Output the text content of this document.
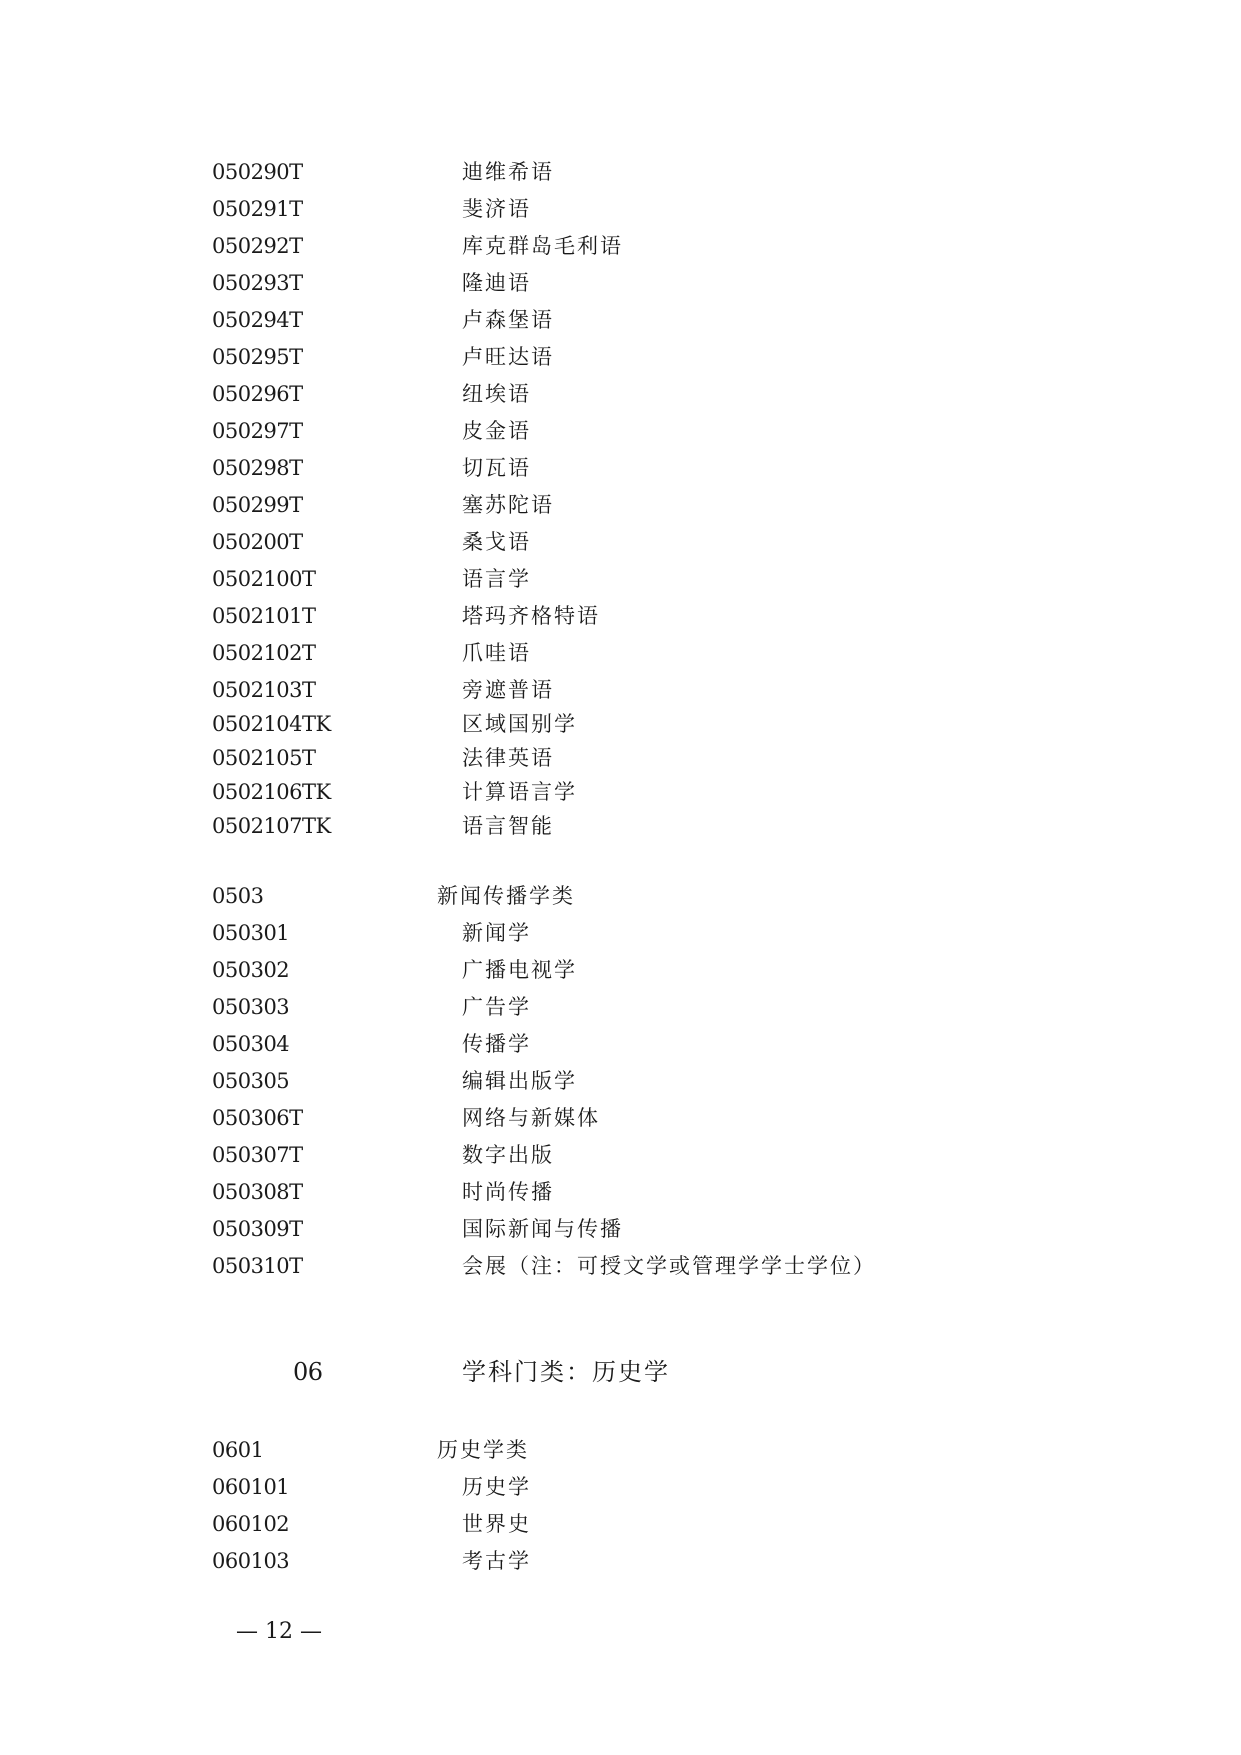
050290T	迪维希语
050291T	斐济语
050292T	库克群岛毛利语
050293T	隆迪语
050294T	卢森堡语
050295T	卢旺达语
050296T	纽埃语
050297T	皮金语
050298T	切瓦语
050299T	塞苏陀语
050200T	桑戈语
0502100T	语言学
0502101T	塔玛齐格特语
0502102T	爪哇语
0502103T	旁遮普语
0502104TK	区域国别学
0502105T	法律英语
0502106TK	计算语言学
0502107TK	语言智能
0503	新闻传播学类
050301	新闻学
050302	广播电视学
050303	广告学
050304	传播学
050305	编辑出版学
050306T	网络与新媒体
050307T	数字出版
050308T	时尚传播
050309T	国际新闻与传播
050310T	会展（注：可授文学或管理学学士学位）
06	学科门类：历史学
0601	历史学类
060101	历史学
060102	世界史
060103	考古学
— 12 —
